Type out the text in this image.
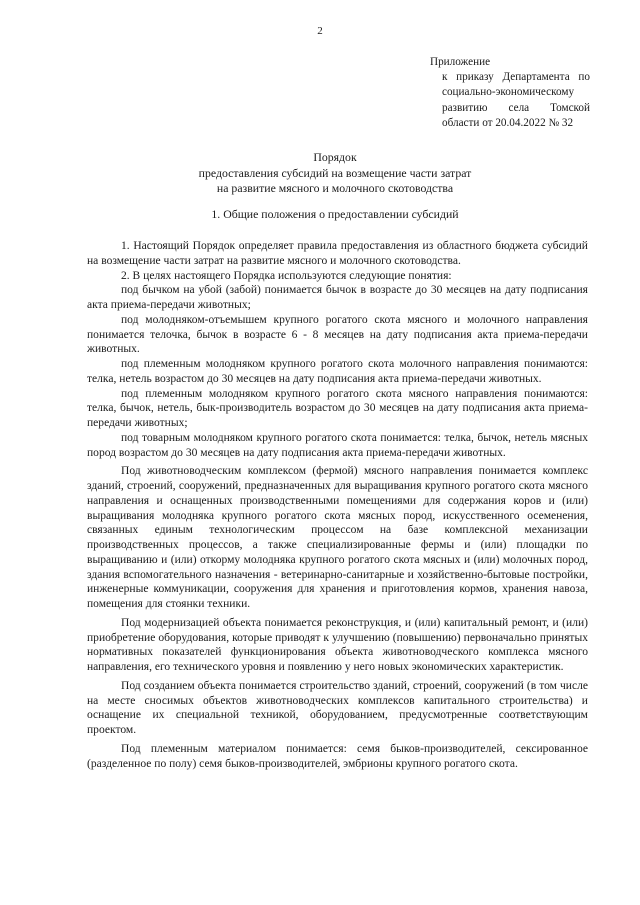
2
Приложение
к приказу Департамента по социально-экономическому развитию села Томской области от 20.04.2022 № 32
Порядок
предоставления субсидий на возмещение части затрат
на развитие мясного и молочного скотоводства
1. Общие положения о предоставлении субсидий

1. Настоящий Порядок определяет правила предоставления из областного бюджета субсидий на возмещение части затрат на развитие мясного и молочного скотоводства.

2. В целях настоящего Порядка используются следующие понятия:

под бычком на убой (забой) понимается бычок в возрасте до 30 месяцев на дату подписания акта приема-передачи животных;

под молодняком-отъемышем крупного рогатого скота мясного и молочного направления понимается телочка, бычок в возрасте 6 - 8 месяцев на дату подписания акта приема-передачи животных.

под племенным молодняком крупного рогатого скота молочного направления понимаются: телка, нетель возрастом до 30 месяцев на дату подписания акта приема-передачи животных.

под племенным молодняком крупного рогатого скота мясного направления понимаются: телка, бычок, нетель, бык-производитель возрастом до 30 месяцев на дату подписания акта приема-передачи животных;

под товарным молодняком крупного рогатого скота понимается: телка, бычок, нетель мясных пород возрастом до 30 месяцев на дату подписания акта приема-передачи животных.

Под животноводческим комплексом (фермой) мясного направления понимается комплекс зданий, строений, сооружений, предназначенных для выращивания крупного рогатого скота мясного направления и оснащенных производственными помещениями для содержания коров и (или) выращивания молодняка крупного рогатого скота мясных пород, искусственного осеменения, связанных единым технологическим процессом на базе комплексной механизации производственных процессов, а также специализированные фермы и (или) площадки по выращиванию и (или) откорму молодняка крупного рогатого скота мясных и (или) молочных пород, здания вспомогательного назначения - ветеринарно-санитарные и хозяйственно-бытовые постройки, инженерные коммуникации, сооружения для хранения и приготовления кормов, хранения навоза, помещения для стоянки техники.

Под модернизацией объекта понимается реконструкция, и (или) капитальный ремонт, и (или) приобретение оборудования, которые приводят к улучшению (повышению) первоначально принятых нормативных показателей функционирования объекта животноводческого комплекса мясного направления, его технического уровня и появлению у него новых экономических характеристик.

Под созданием объекта понимается строительство зданий, строений, сооружений (в том числе на месте сносимых объектов животноводческих комплексов капитального строительства) и оснащение их специальной техникой, оборудованием, предусмотренные соответствующим проектом.

Под племенным материалом понимается: семя быков-производителей, сексированное (разделенное по полу) семя быков-производителей, эмбрионы крупного рогатого скота.
